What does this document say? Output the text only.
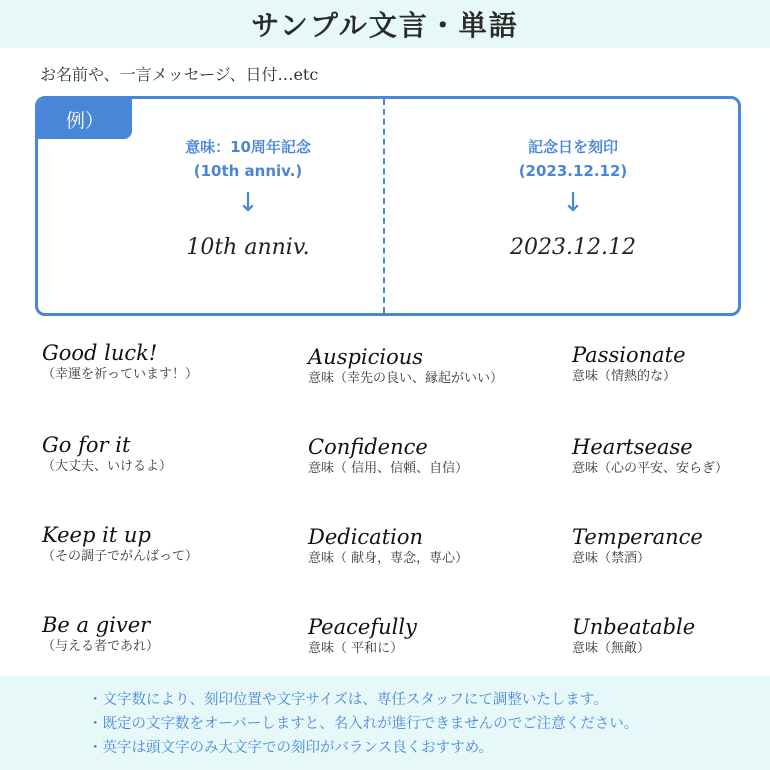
サンプル文言・単語

お名前や、一言メッセージ、日付…etc

例）
意味：10周年記念
(10th anniv.)
↓
10th anniv.
記念日を刻印
(2023.12.12)
↓
2023.12.12
Good luck!
（幸運を祈っています！）
Auspicious
意味（幸先の良い、縁起がいい）
Passionate
意味（情熱的な）
Go for it
（大丈夫、いけるよ）
Confidence
意味（ 信用、信頼、自信）
Heartsease
意味（心の平安、安らぎ）
Keep it up
（その調子でがんばって）
Dedication
意味（ 献身，専念，専心）
Temperance
意味（禁酒）
Be a giver
（与える者であれ）
Peacefully
意味（ 平和に）
Unbeatable
意味（無敵）

・文字数により、刻印位置や文字サイズは、専任スタッフにて調整いたします。

・既定の文字数をオーバーしますと、名入れが進行できませんのでご注意ください。

・英字は頭文字のみ大文字での刻印がバランス良くおすすめ。
